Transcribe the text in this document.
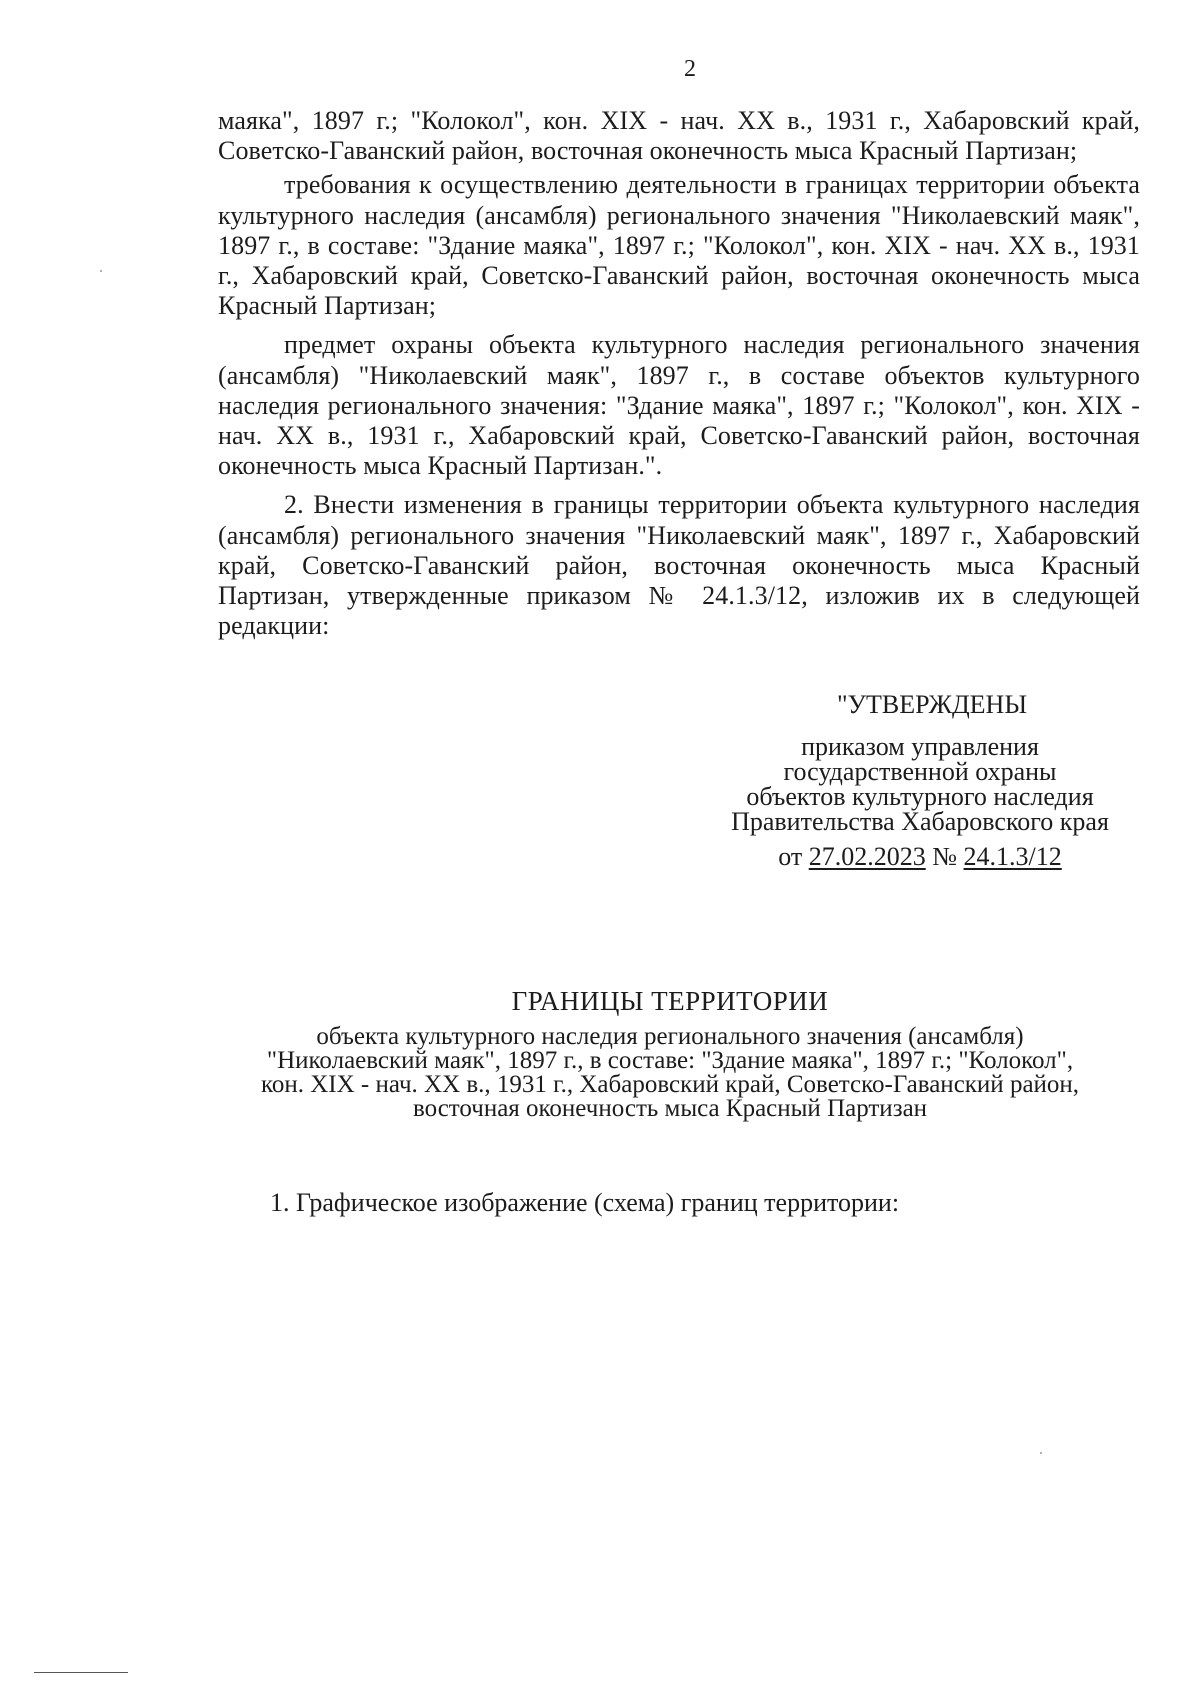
2

маяка", 1897 г.; "Колокол", кон. XIX - нач. XX в., 1931 г., Хабаровский край, Советско-Гаванский район, восточная оконечность мыса Красный Партизан;

требования к осуществлению деятельности в границах территории объекта культурного наследия (ансамбля) регионального значения "Николаевский маяк", 1897 г., в составе: "Здание маяка", 1897 г.; "Колокол", кон. XIX - нач. XX в., 1931 г., Хабаровский край, Советско-Гаванский район, восточная оконечность мыса Красный Партизан;

предмет охраны объекта культурного наследия регионального значения (ансамбля) "Николаевский маяк", 1897 г., в составе объектов культурного наследия регионального значения: "Здание маяка", 1897 г.; "Колокол", кон. XIX - нач. XX в., 1931 г., Хабаровский край, Советско-Гаванский район, восточная оконечность мыса Красный Партизан.".

2. Внести изменения в границы территории объекта культурного наследия (ансамбля) регионального значения "Николаевский маяк", 1897 г., Хабаровский край, Советско-Гаванский район, восточная оконечность мыса Красный Партизан, утвержденные приказом № 24.1.3/12, изложив их в следующей редакции:

"УТВЕРЖДЕНЫ
приказом управления
государственной охраны
объектов культурного наследия
Правительства Хабаровского края
от 27.02.2023 № 24.1.3/12
ГРАНИЦЫ ТЕРРИТОРИИ
объекта культурного наследия регионального значения (ансамбля)
"Николаевский маяк", 1897 г., в составе: "Здание маяка", 1897 г.; "Колокол",
кон. XIX - нач. XX в., 1931 г., Хабаровский край, Советско-Гаванский район,
восточная оконечность мыса Красный Партизан
1. Графическое изображение (схема) границ территории:
